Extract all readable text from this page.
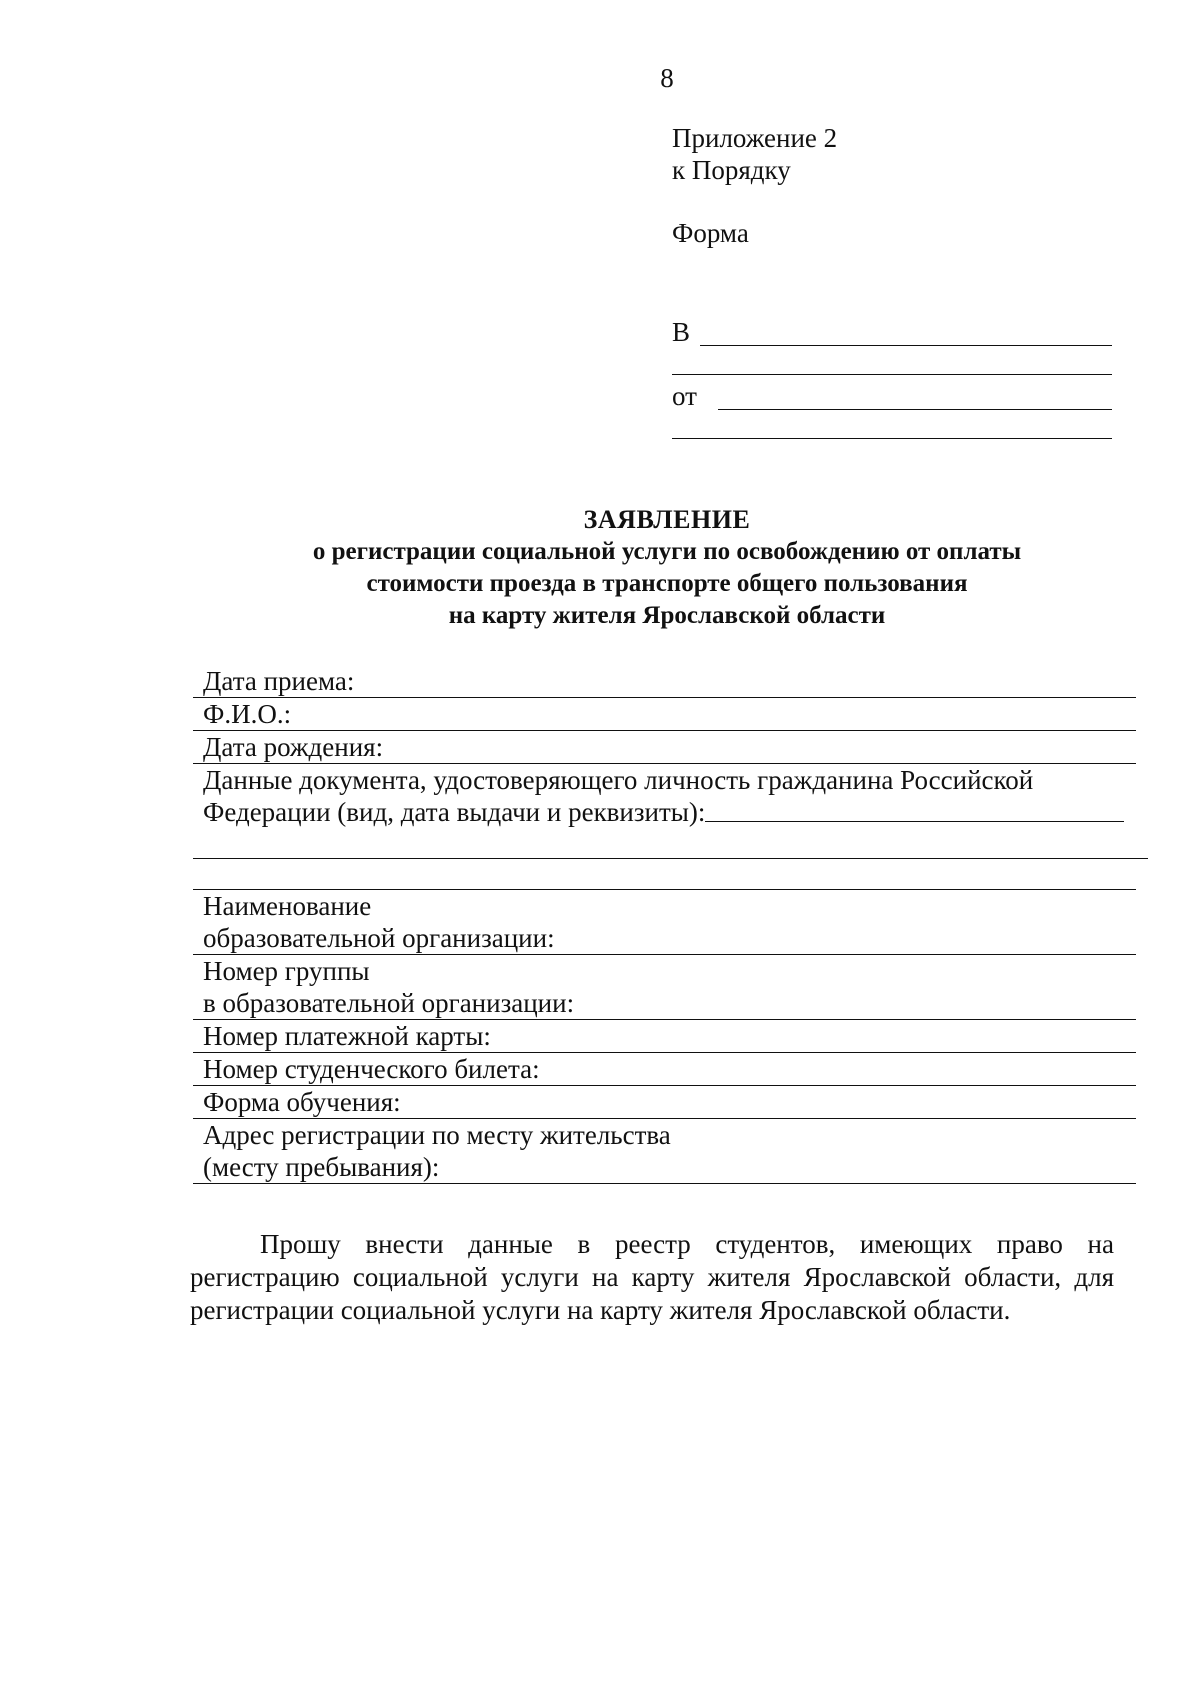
8
Приложение 2
к Порядку
Форма
В
от
ЗАЯВЛЕНИЕ
о регистрации социальной услуги по освобождению от оплаты
стоимости проезда в транспорте общего пользования
на карту жителя Ярославской области
Дата приема:
Ф.И.О.:
Дата рождения:
Данные документа, удостоверяющего личность гражданина Российской
Федерации (вид, дата выдачи и реквизиты):
Наименование
образовательной организации:
Номер группы
в образовательной организации:
Номер платежной карты:
Номер студенческого билета:
Форма обучения:
Адрес регистрации по месту жительства
(месту пребывания):
Прошу внести данные в реестр студентов, имеющих право на регистрацию социальной услуги на карту жителя Ярославской области, для регистрации социальной услуги на карту жителя Ярославской области.
